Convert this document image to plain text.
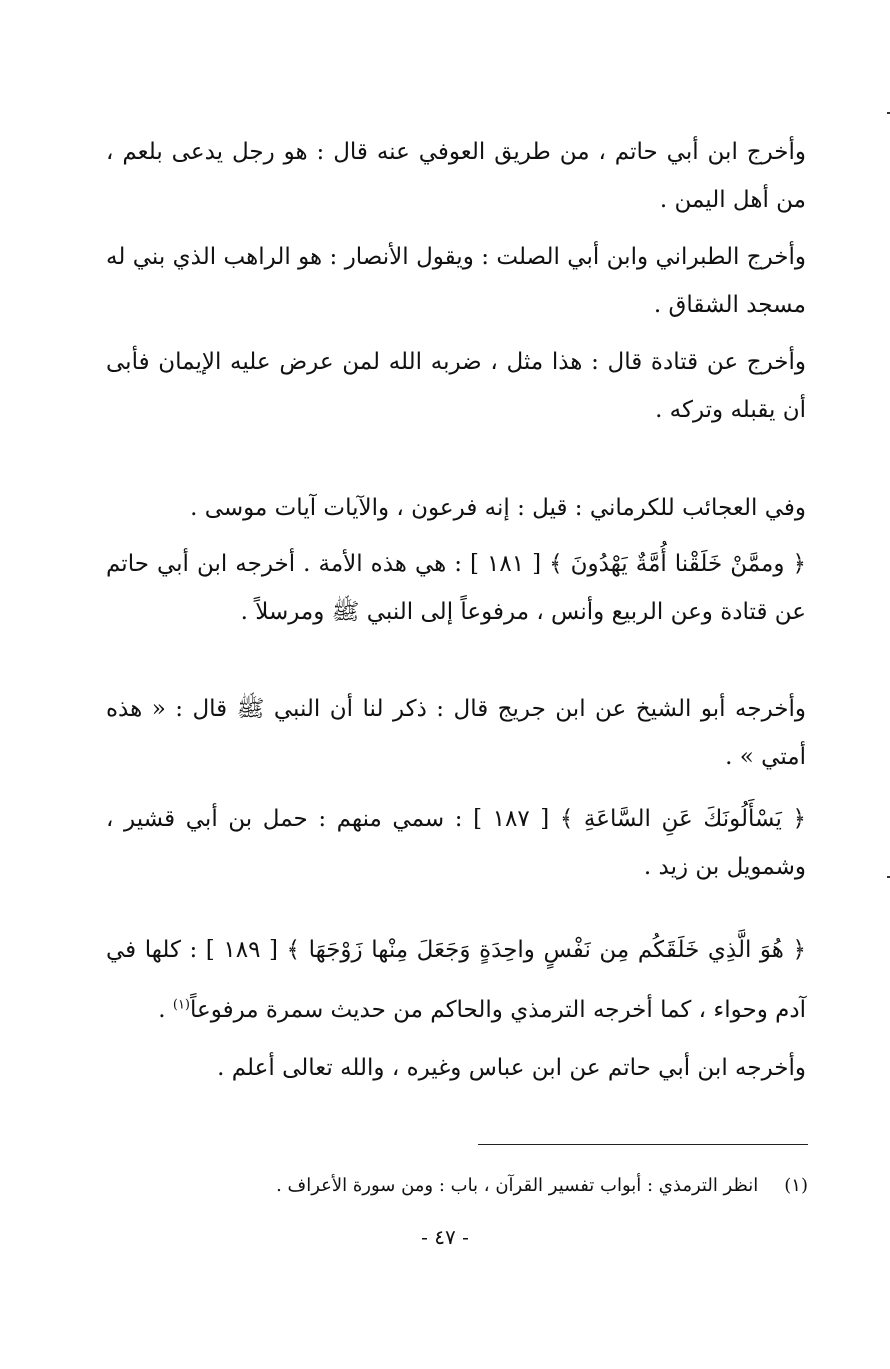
وأخرج ابن أبي حاتم ، من طريق العوفي عنه قال : هو رجل يدعى بلعم ، من أهل اليمن .

وأخرج الطبراني وابن أبي الصلت : ويقول الأنصار : هو الراهب الذي بني له مسجد الشقاق .

وأخرج عن قتادة قال : هذا مثل ، ضربه الله لمن عرض عليه الإيمان فأبى أن يقبله وتركه .

وفي العجائب للكرماني : قيل : إنه فرعون ، والآيات آيات موسى .

﴿ وممَّنْ خَلَقْنا أُمَّةٌ يَهْدُونَ ﴾ [ ١٨١ ] : هي هذه الأمة . أخرجه ابن أبي حاتم عن قتادة وعن الربيع وأنس ، مرفوعاً إلى النبي ﷺ ومرسلاً .

وأخرجه أبو الشيخ عن ابن جريج قال : ذكر لنا أن النبي ﷺ قال : « هذه أمتي » .

﴿ يَسْأَلُونَكَ عَنِ السَّاعَةِ ﴾ [ ١٨٧ ] : سمي منهم : حمل بن أبي قشير ، وشمويل بن زيد .

﴿ هُوَ الَّذِي خَلَقَكُم مِن نَفْسٍ واحِدَةٍ وَجَعَلَ مِنْها زَوْجَهَا ﴾ [ ١٨٩ ] : كلها في آدم وحواء ، كما أخرجه الترمذي والحاكم من حديث سمرة مرفوعاً$^{(١)}$ .

وأخرجه ابن أبي حاتم عن ابن عباس وغيره ، والله تعالى أعلم .

(١)انظر الترمذي : أبواب تفسير القرآن ، باب : ومن سورة الأعراف .
- ٤٧ -
